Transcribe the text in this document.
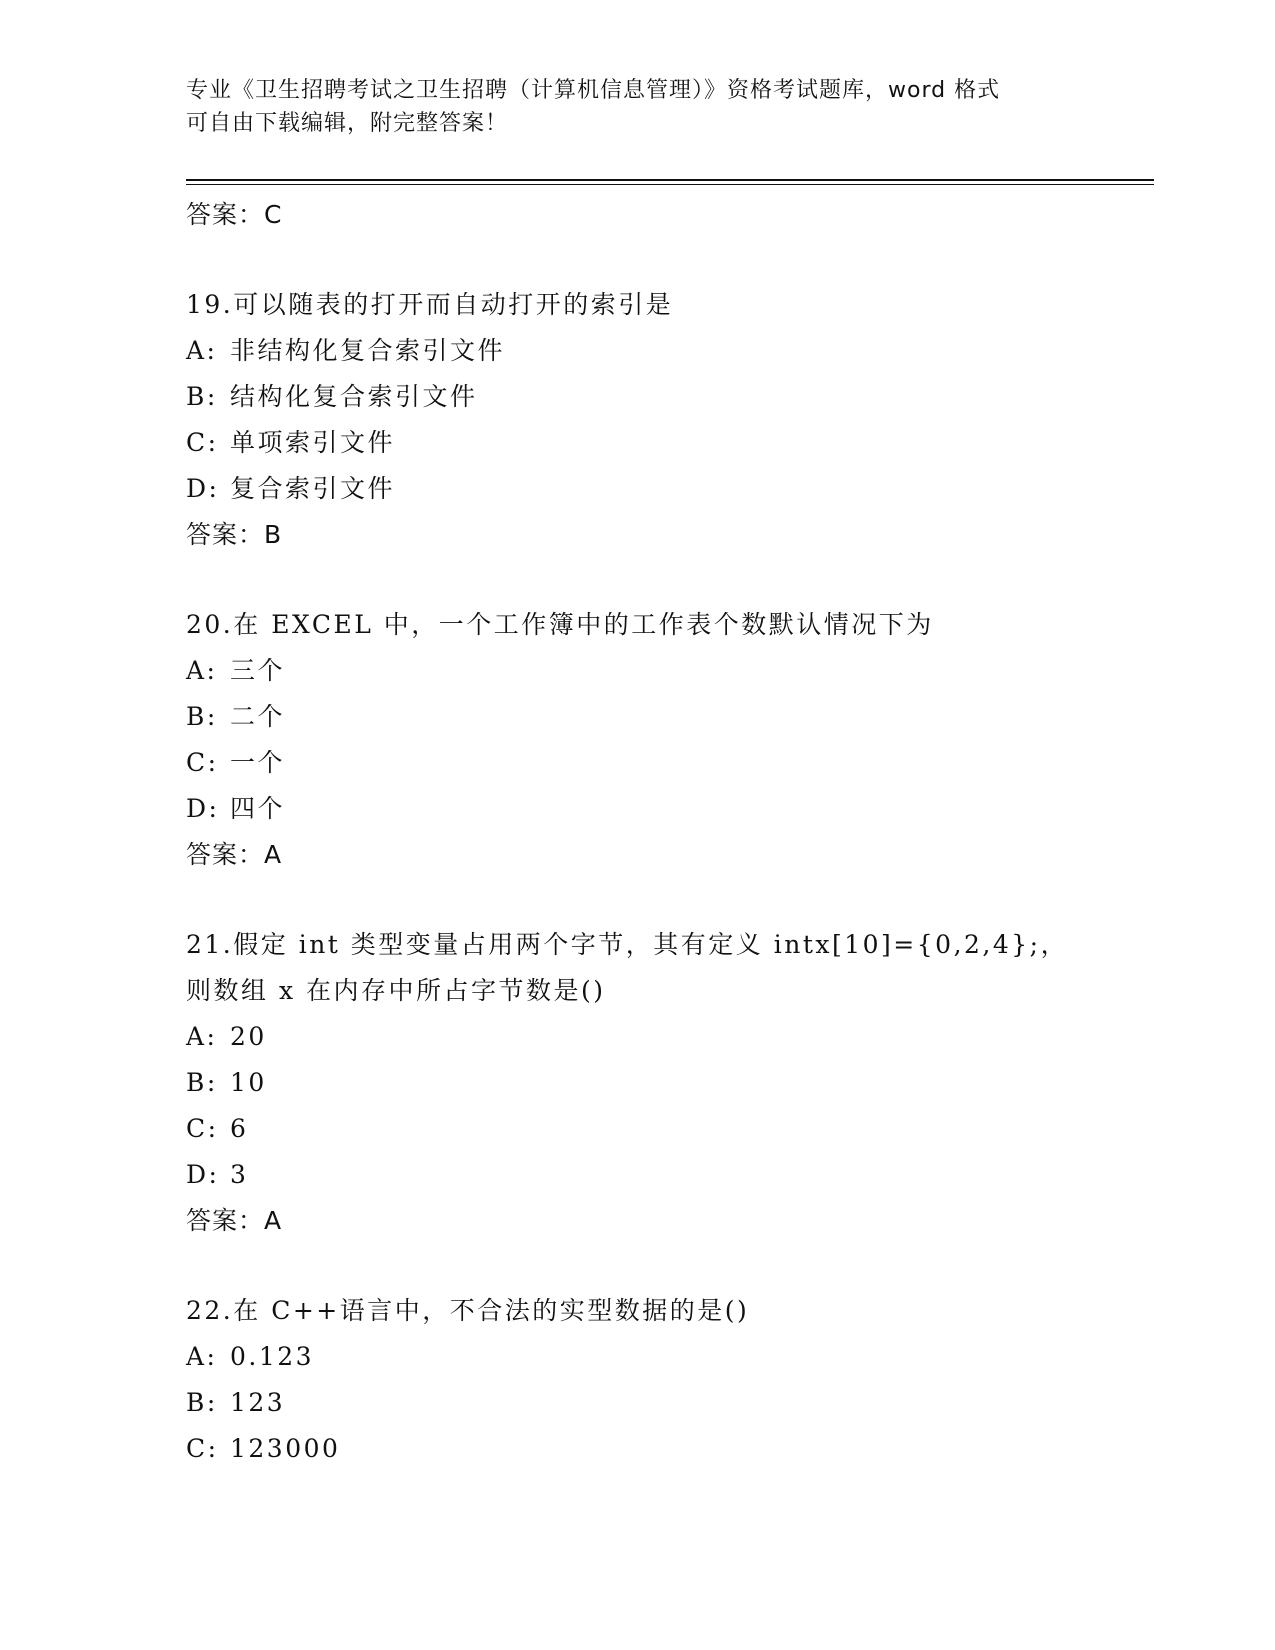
专业《卫生招聘考试之卫生招聘（计算机信息管理）》资格考试题库，word 格式
可自由下载编辑，附完整答案！
答案：C
19.可以随表的打开而自动打开的索引是
A: 非结构化复合索引文件
B: 结构化复合索引文件
C: 单项索引文件
D: 复合索引文件
答案：B
20.在 EXCEL 中，一个工作簿中的工作表个数默认情况下为
A: 三个
B: 二个
C: 一个
D: 四个
答案：A
21.假定 int 类型变量占用两个字节，其有定义 intx[10]={0,2,4};，
则数组 x 在内存中所占字节数是()
A: 20
B: 10
C: 6
D: 3
答案：A
22.在 C++语言中，不合法的实型数据的是()
A: 0.123
B: 123
C: 123000
